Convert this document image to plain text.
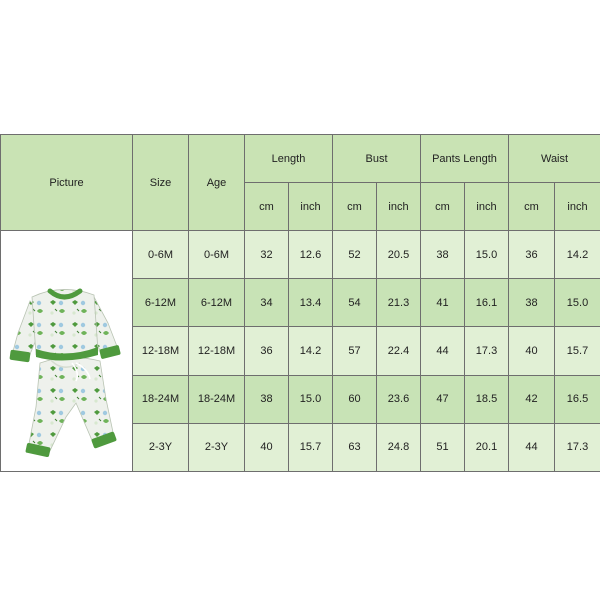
Picture	Size	Age	Length		Bust		Pants Length		Waist	
			cm	inch	cm	inch	cm	inch	cm	inch

	0-6M	0-6M	32	12.6	52	20.5	38	15.0	36	14.2
	6-12M	6-12M	34	13.4	54	21.3	41	16.1	38	15.0
	12-18M	12-18M	36	14.2	57	22.4	44	17.3	40	15.7
	18-24M	18-24M	38	15.0	60	23.6	47	18.5	42	16.5
	2-3Y	2-3Y	40	15.7	63	24.8	51	20.1	44	17.3
